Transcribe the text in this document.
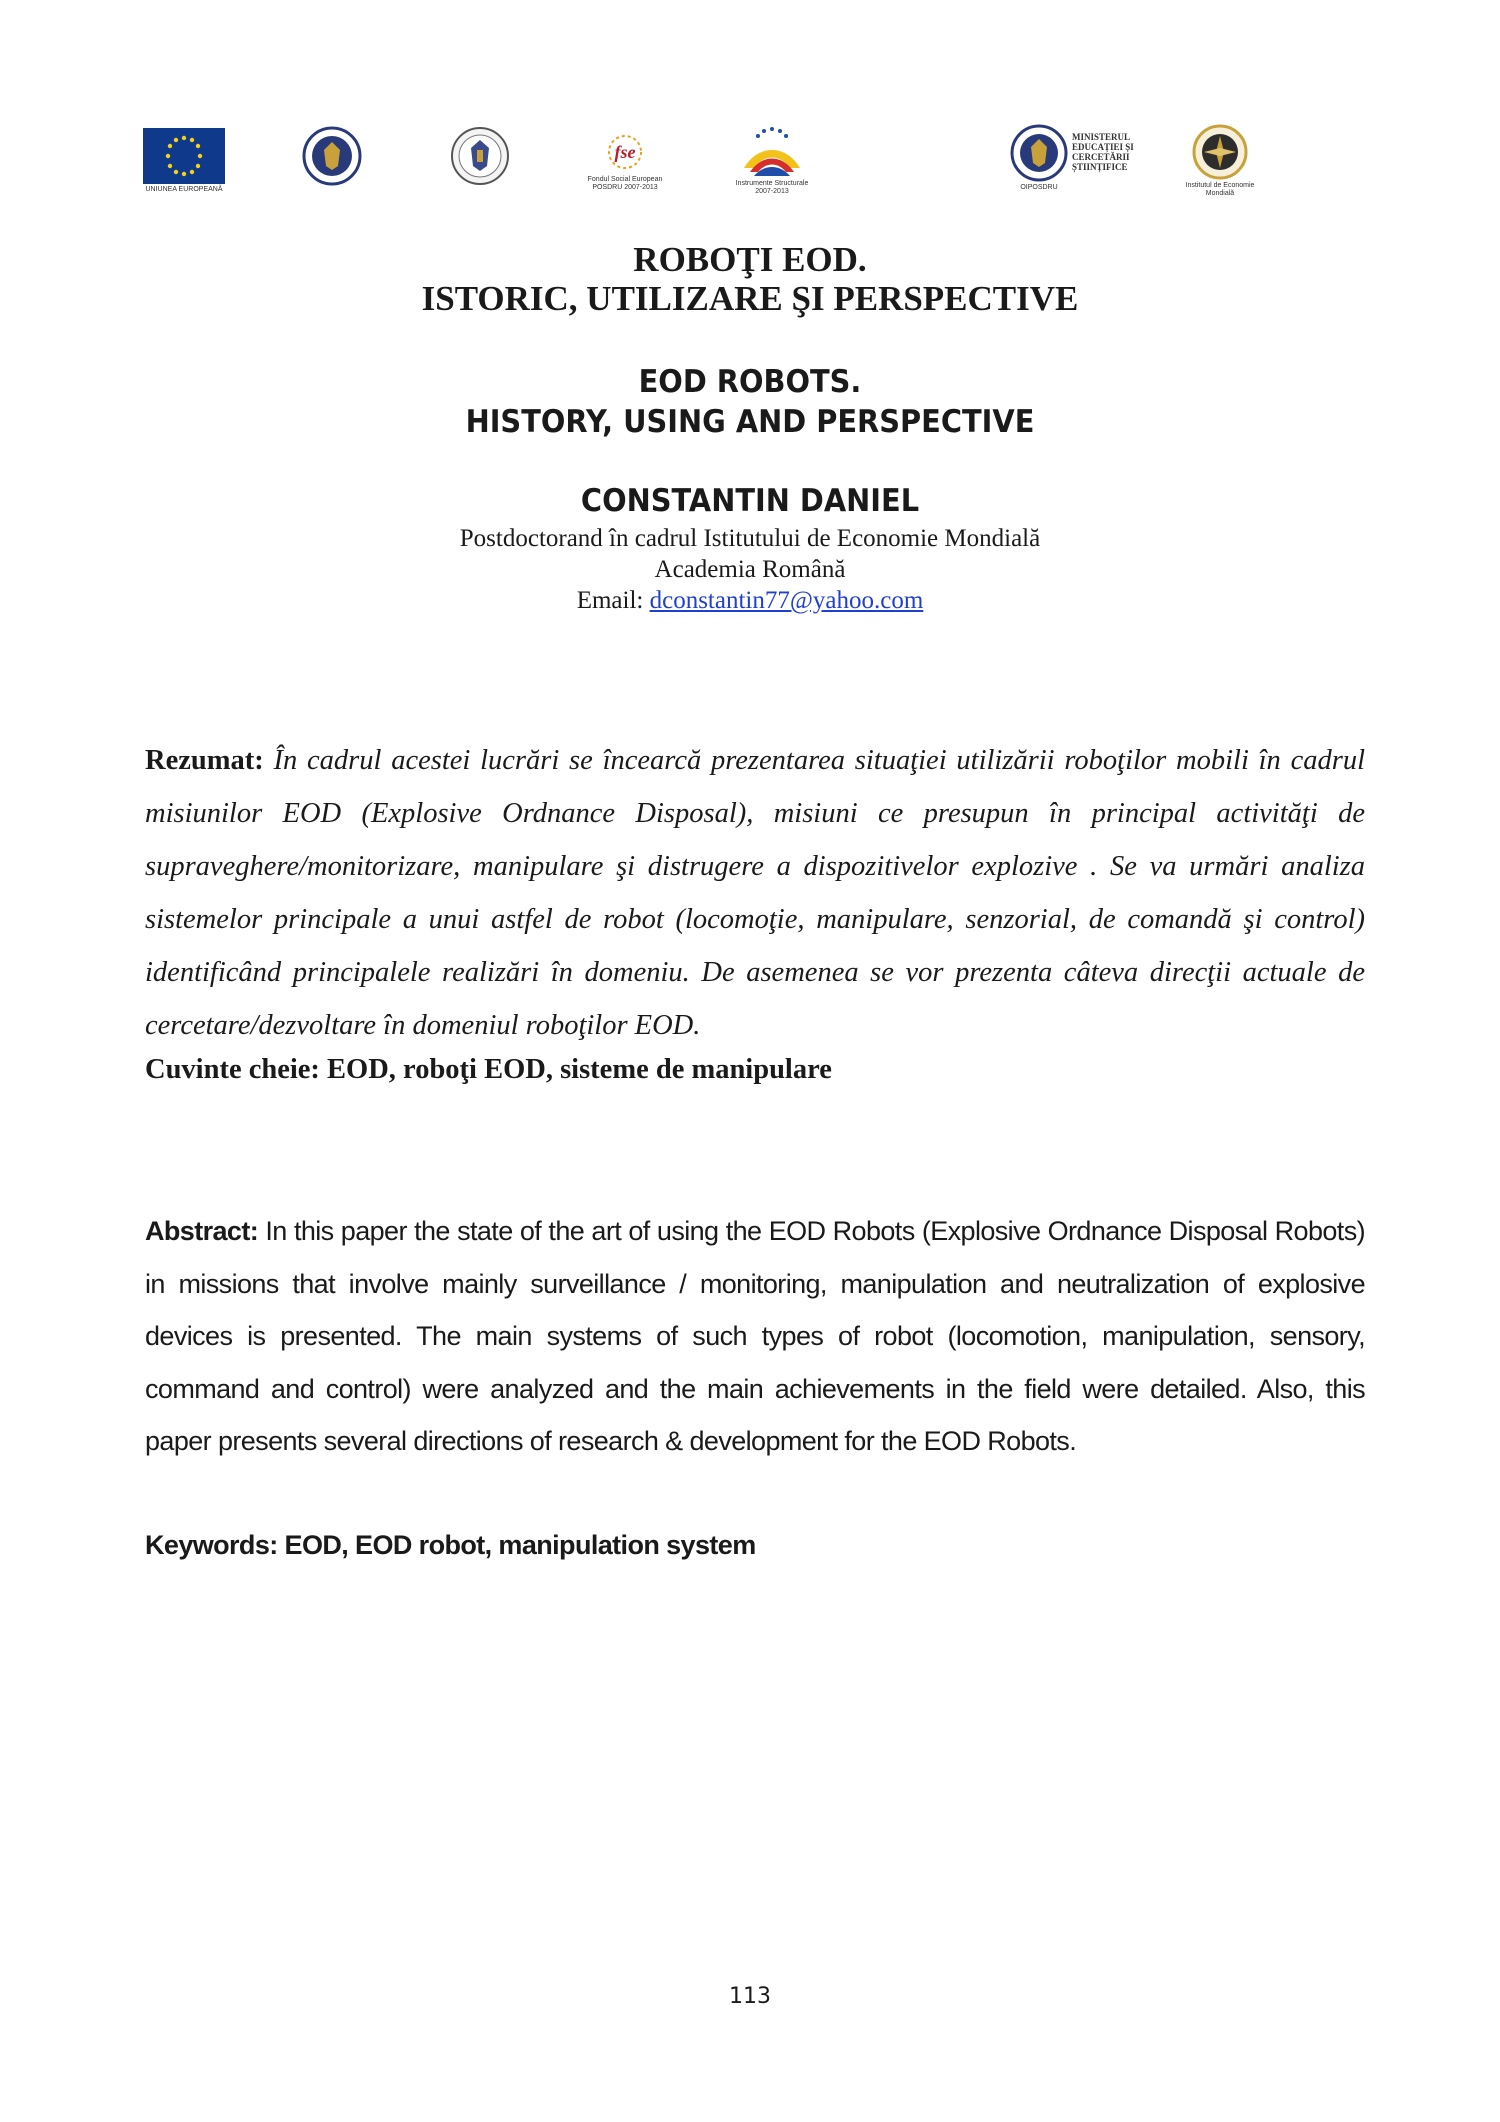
UNIUNEA EUROPEANĂ
fse
Fondul Social European POSDRU 2007-2013
Instrumente Structurale 2007-2013
OIPOSDRU
MINISTERUL EDUCAȚIEI ȘI CERCETĂRII ȘTIINȚIFICE
Institutul de Economie Mondială
ROBOŢI EOD.
ISTORIC, UTILIZARE ŞI PERSPECTIVE
EOD ROBOTS.
HISTORY, USING AND PERSPECTIVE
CONSTANTIN DANIEL
Postdoctorand în cadrul Istitutului de Economie Mondială
Academia Română
Email: dconstantin77@yahoo.com
Rezumat: În cadrul acestei lucrări se încearcă prezentarea situaţiei utilizării roboţilor mobili în cadrul misiunilor EOD (Explosive Ordnance Disposal), misiuni ce presupun în principal activităţi de supraveghere/monitorizare, manipulare şi distrugere a dispozitivelor explozive . Se va urmări analiza sistemelor principale a unui astfel de robot (locomoţie, manipulare, senzorial, de comandă şi control) identificând principalele realizări în domeniu. De asemenea se vor prezenta câteva direcţii actuale de cercetare/dezvoltare în domeniul roboţilor EOD.
Cuvinte cheie: EOD, roboţi EOD, sisteme de manipulare
Abstract: In this paper the state of the art of using the EOD Robots (Explosive Ordnance Disposal Robots) in missions that involve mainly surveillance / monitoring, manipulation and neutralization of explosive devices is presented. The main systems of such types of robot (locomotion, manipulation, sensory, command and control) were analyzed and the main achievements in the field were detailed. Also, this paper presents several directions of research & development for the EOD Robots.
Keywords: EOD, EOD robot, manipulation system
113
